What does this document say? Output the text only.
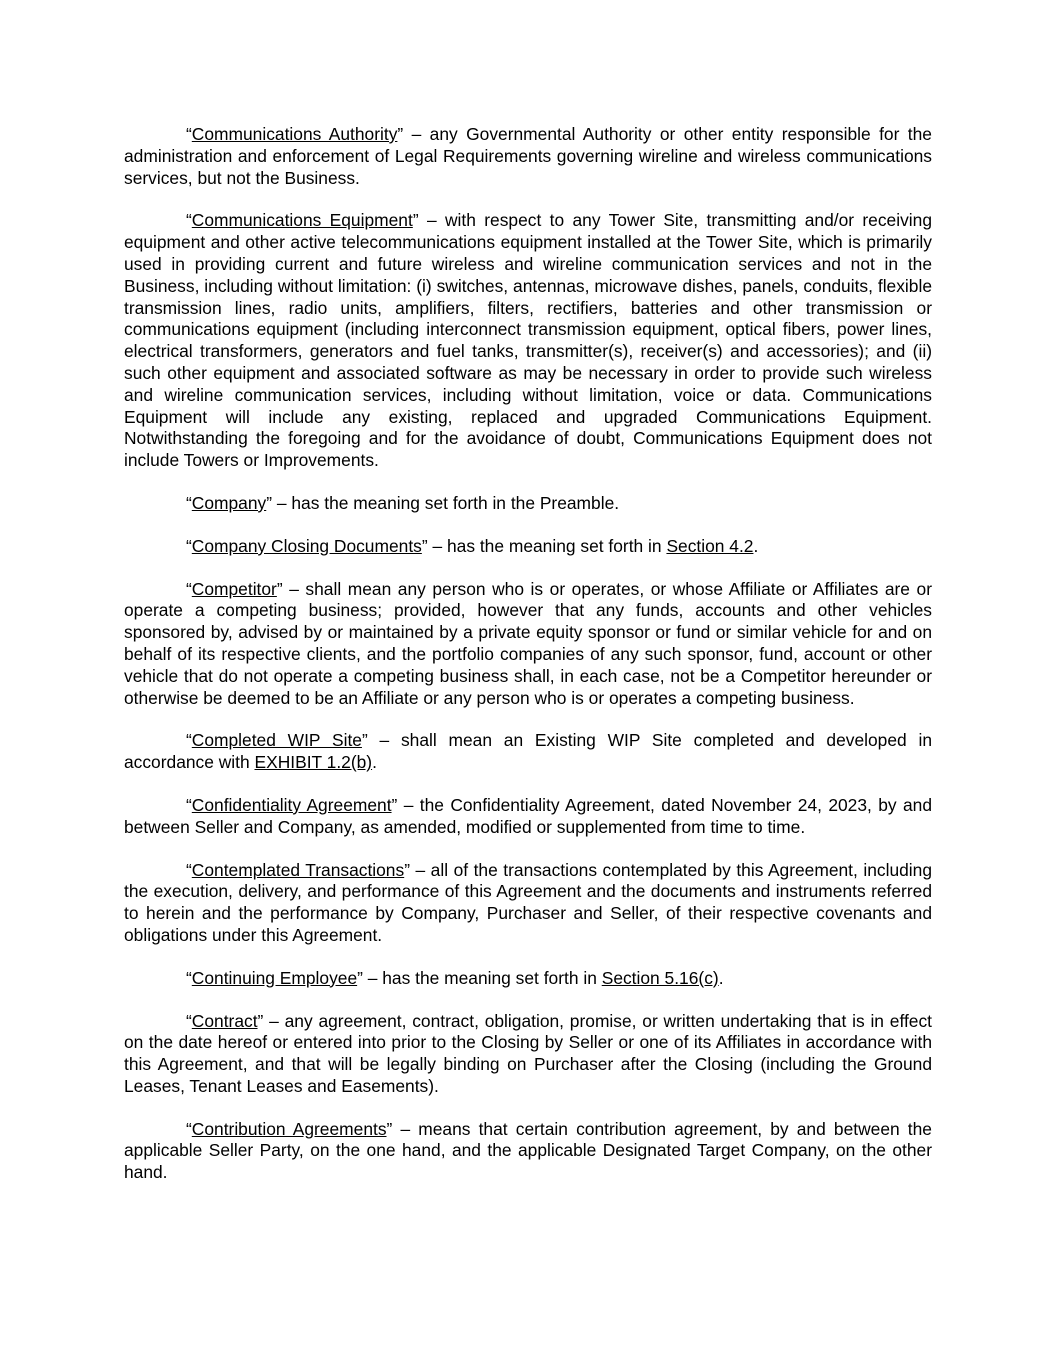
“Communications Authority” – any Governmental Authority or other entity responsible for the administration and enforcement of Legal Requirements governing wireline and wireless communications services, but not the Business.

“Communications Equipment” – with respect to any Tower Site, transmitting and/or receiving equipment and other active telecommunications equipment installed at the Tower Site, which is primarily used in providing current and future wireless and wireline communication services and not in the Business, including without limitation: (i) switches, antennas, microwave dishes, panels, conduits, flexible transmission lines, radio units, amplifiers, filters, rectifiers, batteries and other transmission or communications equipment (including interconnect transmission equipment, optical fibers, power lines, electrical transformers, generators and fuel tanks, transmitter(s), receiver(s) and accessories); and (ii) such other equipment and associated software as may be necessary in order to provide such wireless and wireline communication services, including without limitation, voice or data. Communications Equipment will include any existing, replaced and upgraded Communications Equipment. Notwithstanding the foregoing and for the avoidance of doubt, Communications Equipment does not include Towers or Improvements.

“Company” – has the meaning set forth in the Preamble.

“Company Closing Documents” – has the meaning set forth in Section 4.2.

“Competitor” – shall mean any person who is or operates, or whose Affiliate or Affiliates are or operate a competing business; provided, however that any funds, accounts and other vehicles sponsored by, advised by or maintained by a private equity sponsor or fund or similar vehicle for and on behalf of its respective clients, and the portfolio companies of any such sponsor, fund, account or other vehicle that do not operate a competing business shall, in each case, not be a Competitor hereunder or otherwise be deemed to be an Affiliate or any person who is or operates a competing business.

“Completed WIP Site” – shall mean an Existing WIP Site completed and developed in accordance with EXHIBIT 1.2(b).

“Confidentiality Agreement” – the Confidentiality Agreement, dated November 24, 2023, by and between Seller and Company, as amended, modified or supplemented from time to time.

“Contemplated Transactions” – all of the transactions contemplated by this Agreement, including the execution, delivery, and performance of this Agreement and the documents and instruments referred to herein and the performance by Company, Purchaser and Seller, of their respective covenants and obligations under this Agreement.

“Continuing Employee” – has the meaning set forth in Section 5.16(c).

“Contract” – any agreement, contract, obligation, promise, or written undertaking that is in effect on the date hereof or entered into prior to the Closing by Seller or one of its Affiliates in accordance with this Agreement, and that will be legally binding on Purchaser after the Closing (including the Ground Leases, Tenant Leases and Easements).

“Contribution Agreements” – means that certain contribution agreement, by and between the applicable Seller Party, on the one hand, and the applicable Designated Target Company, on the other hand.
